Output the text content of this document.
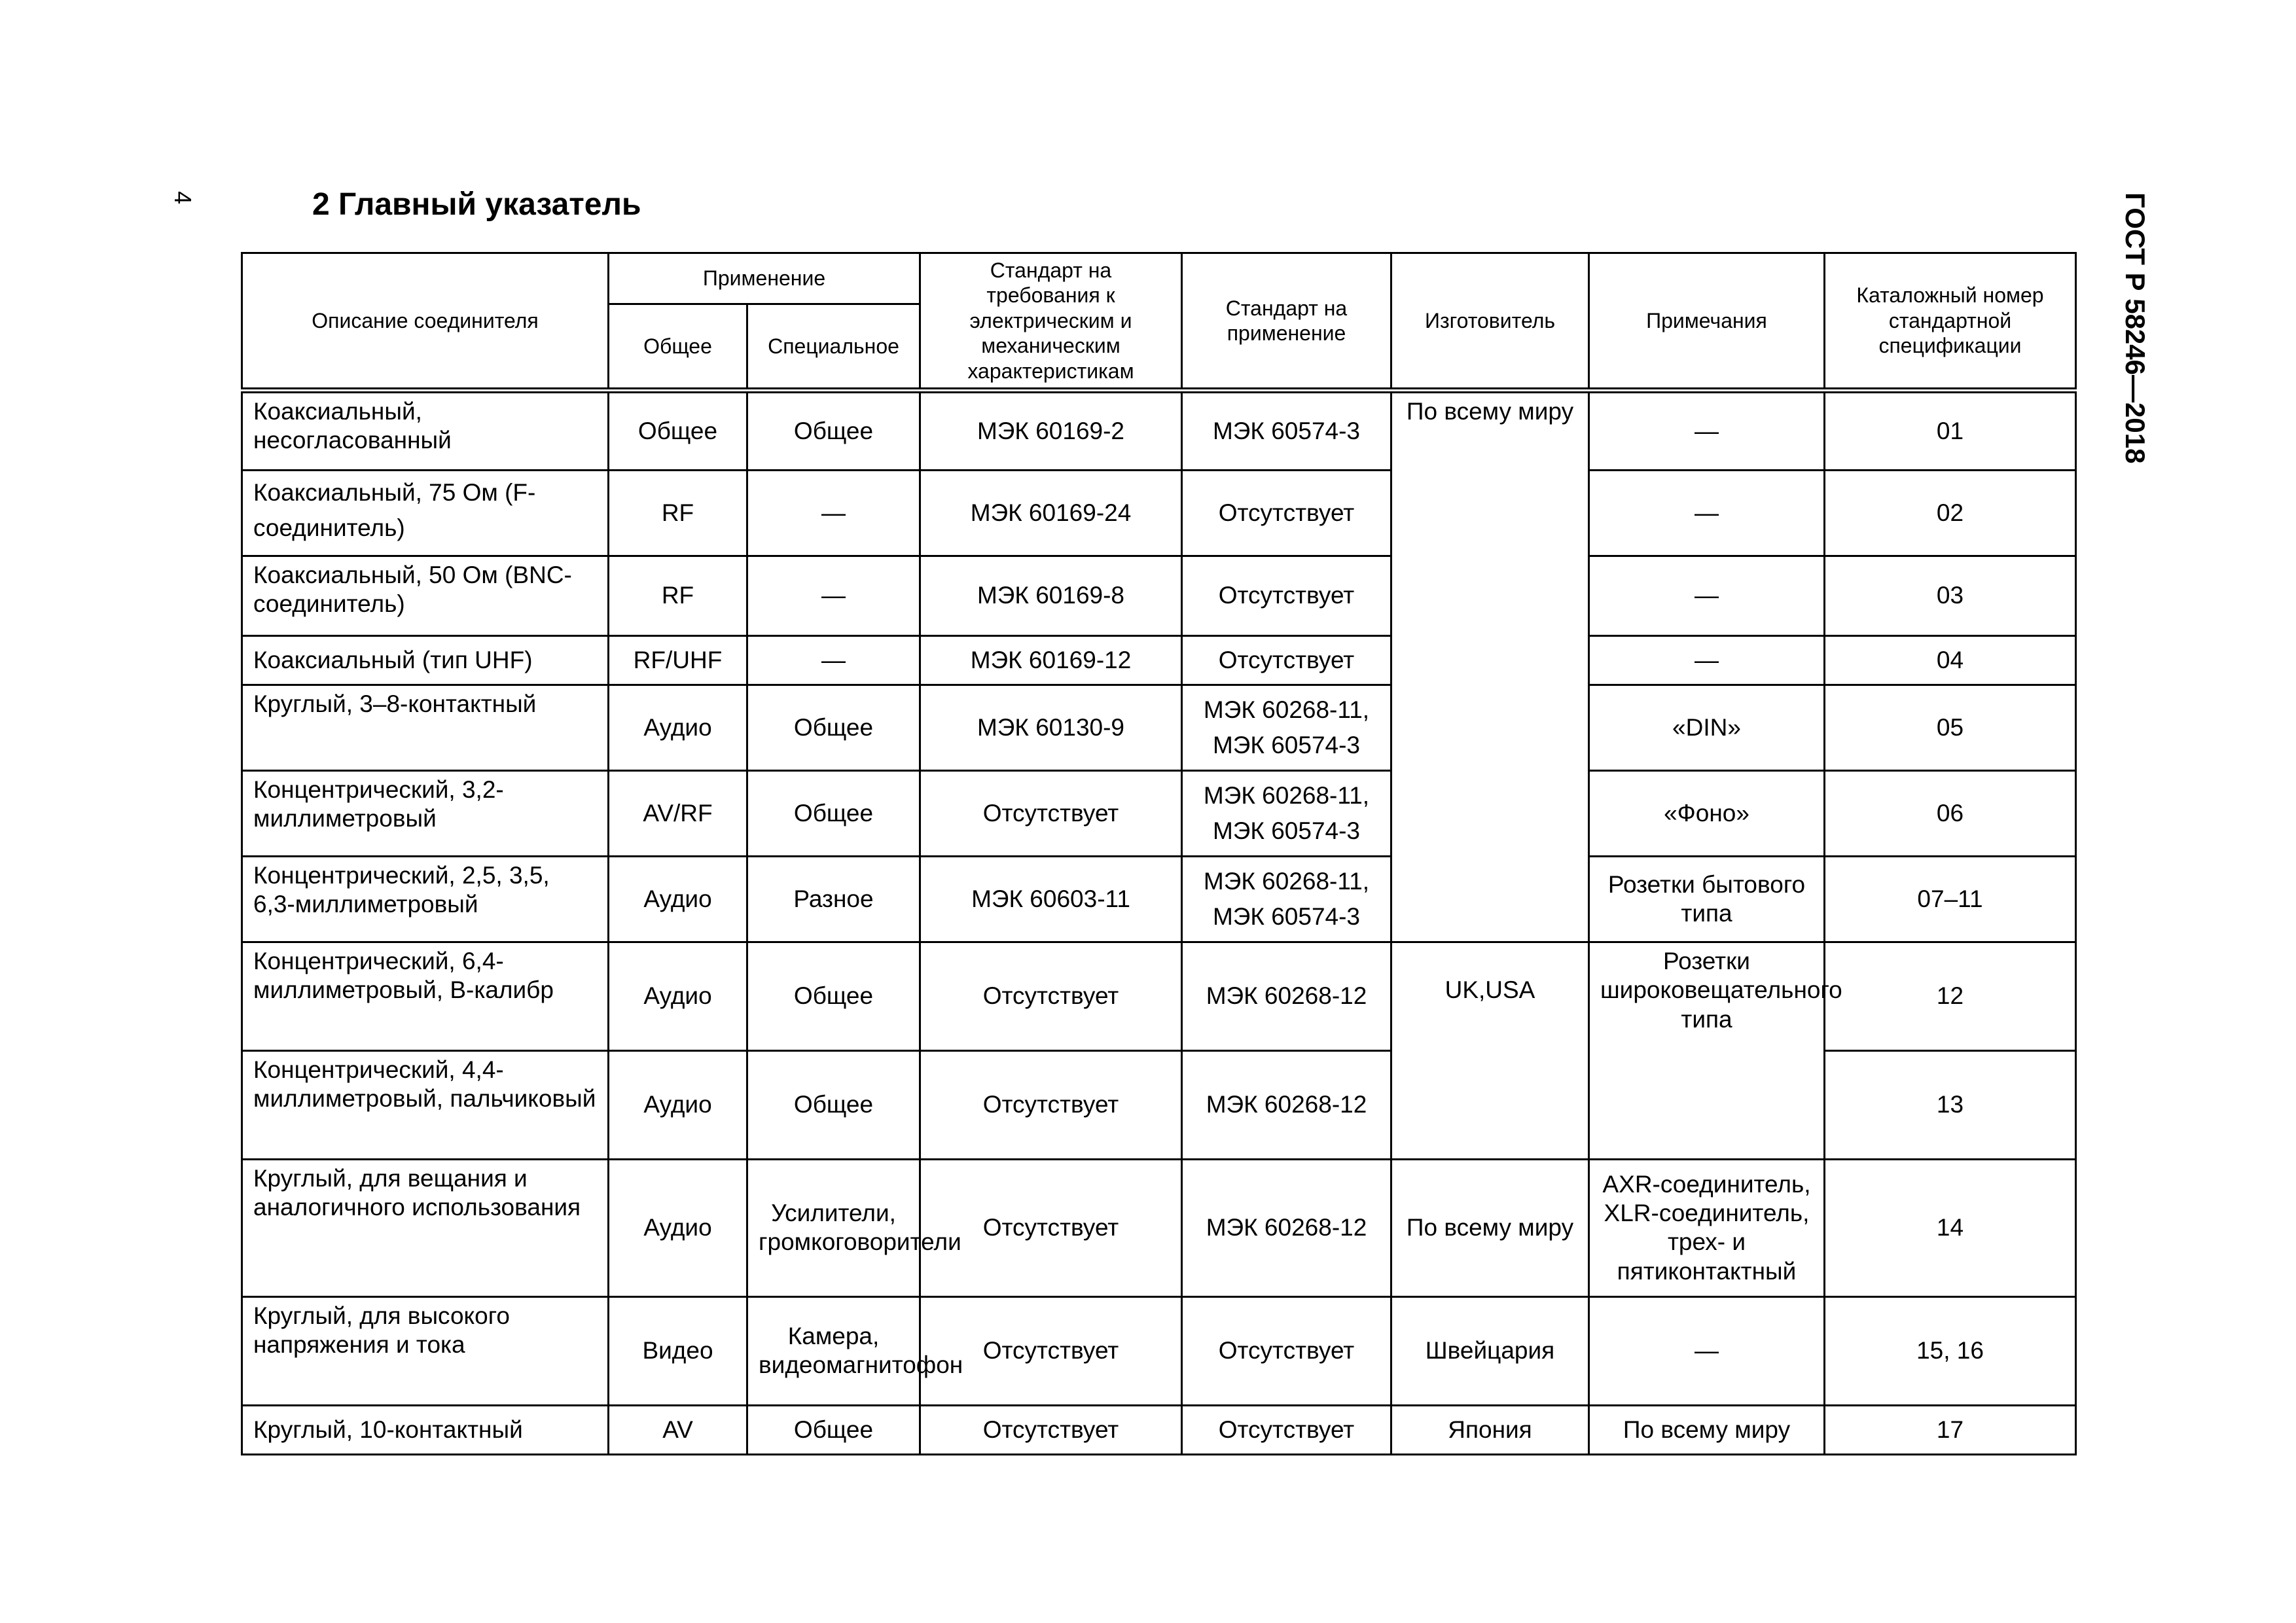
4	2 Главный указатель	ГОСТ Р 58246—2018
Описание соединителя	Применение		Стандарт на требования к электрическим и механическим характеристикам	Стандарт на применение	Изготовитель	Примечания	Каталожный номер стандартной спецификации
	Общее	Специальное					
Коаксиальный, несогласованный	Общее	Общее	МЭК 60169-2	МЭК 60574-3	По всему миру	—	01
Коаксиальный, 75 Ом (F-соединитель)	RF	—	МЭК 60169-24	Отсутствует		—	02
Коаксиальный, 50 Ом (BNC-соединитель)	RF	—	МЭК 60169-8	Отсутствует		—	03
Коаксиальный (тип UHF)	RF/UHF	—	МЭК 60169-12	Отсутствует		—	04
Круглый, 3–8-контактный	Аудио	Общее	МЭК 60130-9	МЭК 60268-11, МЭК 60574-3		«DIN»	05
Концентрический, 3,2-миллиметровый	AV/RF	Общее	Отсутствует	МЭК 60268-11, МЭК 60574-3		«Фоно»	06
Концентрический, 2,5, 3,5, 6,3-миллиметровый	Аудио	Разное	МЭК 60603-11	МЭК 60268-11, МЭК 60574-3		Розетки бытового типа	07–11
Концентрический, 6,4-миллиметровый, В-калибр	Аудио	Общее	Отсутствует	МЭК 60268-12	UK,USA	Розетки широковещательного типа	12
Концентрический, 4,4-миллиметровый, пальчиковый	Аудио	Общее	Отсутствует	МЭК 60268-12			13
Круглый, для вещания и аналогичного использования	Аудио	Усилители, громкоговорители	Отсутствует	МЭК 60268-12	По всему миру	AXR-соединитель, XLR-соединитель, трех- и пятиконтактный	14
Круглый, для высокого напряжения и тока	Видео	Камера, видеомагнитофон	Отсутствует	Отсутствует	Швейцария	—	15, 16
Круглый, 10-контактный	AV	Общее	Отсутствует	Отсутствует	Япония	По всему миру	17
